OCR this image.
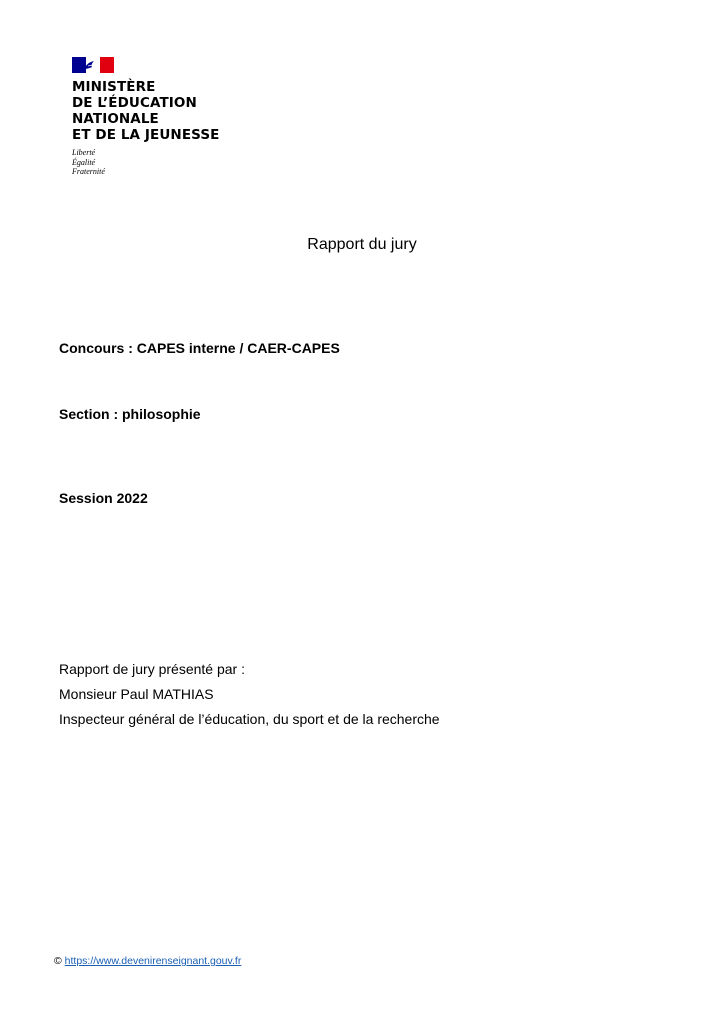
MINISTÈRE
DE L’ÉDUCATION
NATIONALE
ET DE LA JEUNESSE
Liberté
Égalité
Fraternité
Rapport du jury
Concours : CAPES interne / CAER-CAPES
Section : philosophie
Session 2022
Rapport de jury présenté par :
Monsieur Paul MATHIAS
Inspecteur général de l’éducation, du sport et de la recherche
© https://www.devenirenseignant.gouv.fr
